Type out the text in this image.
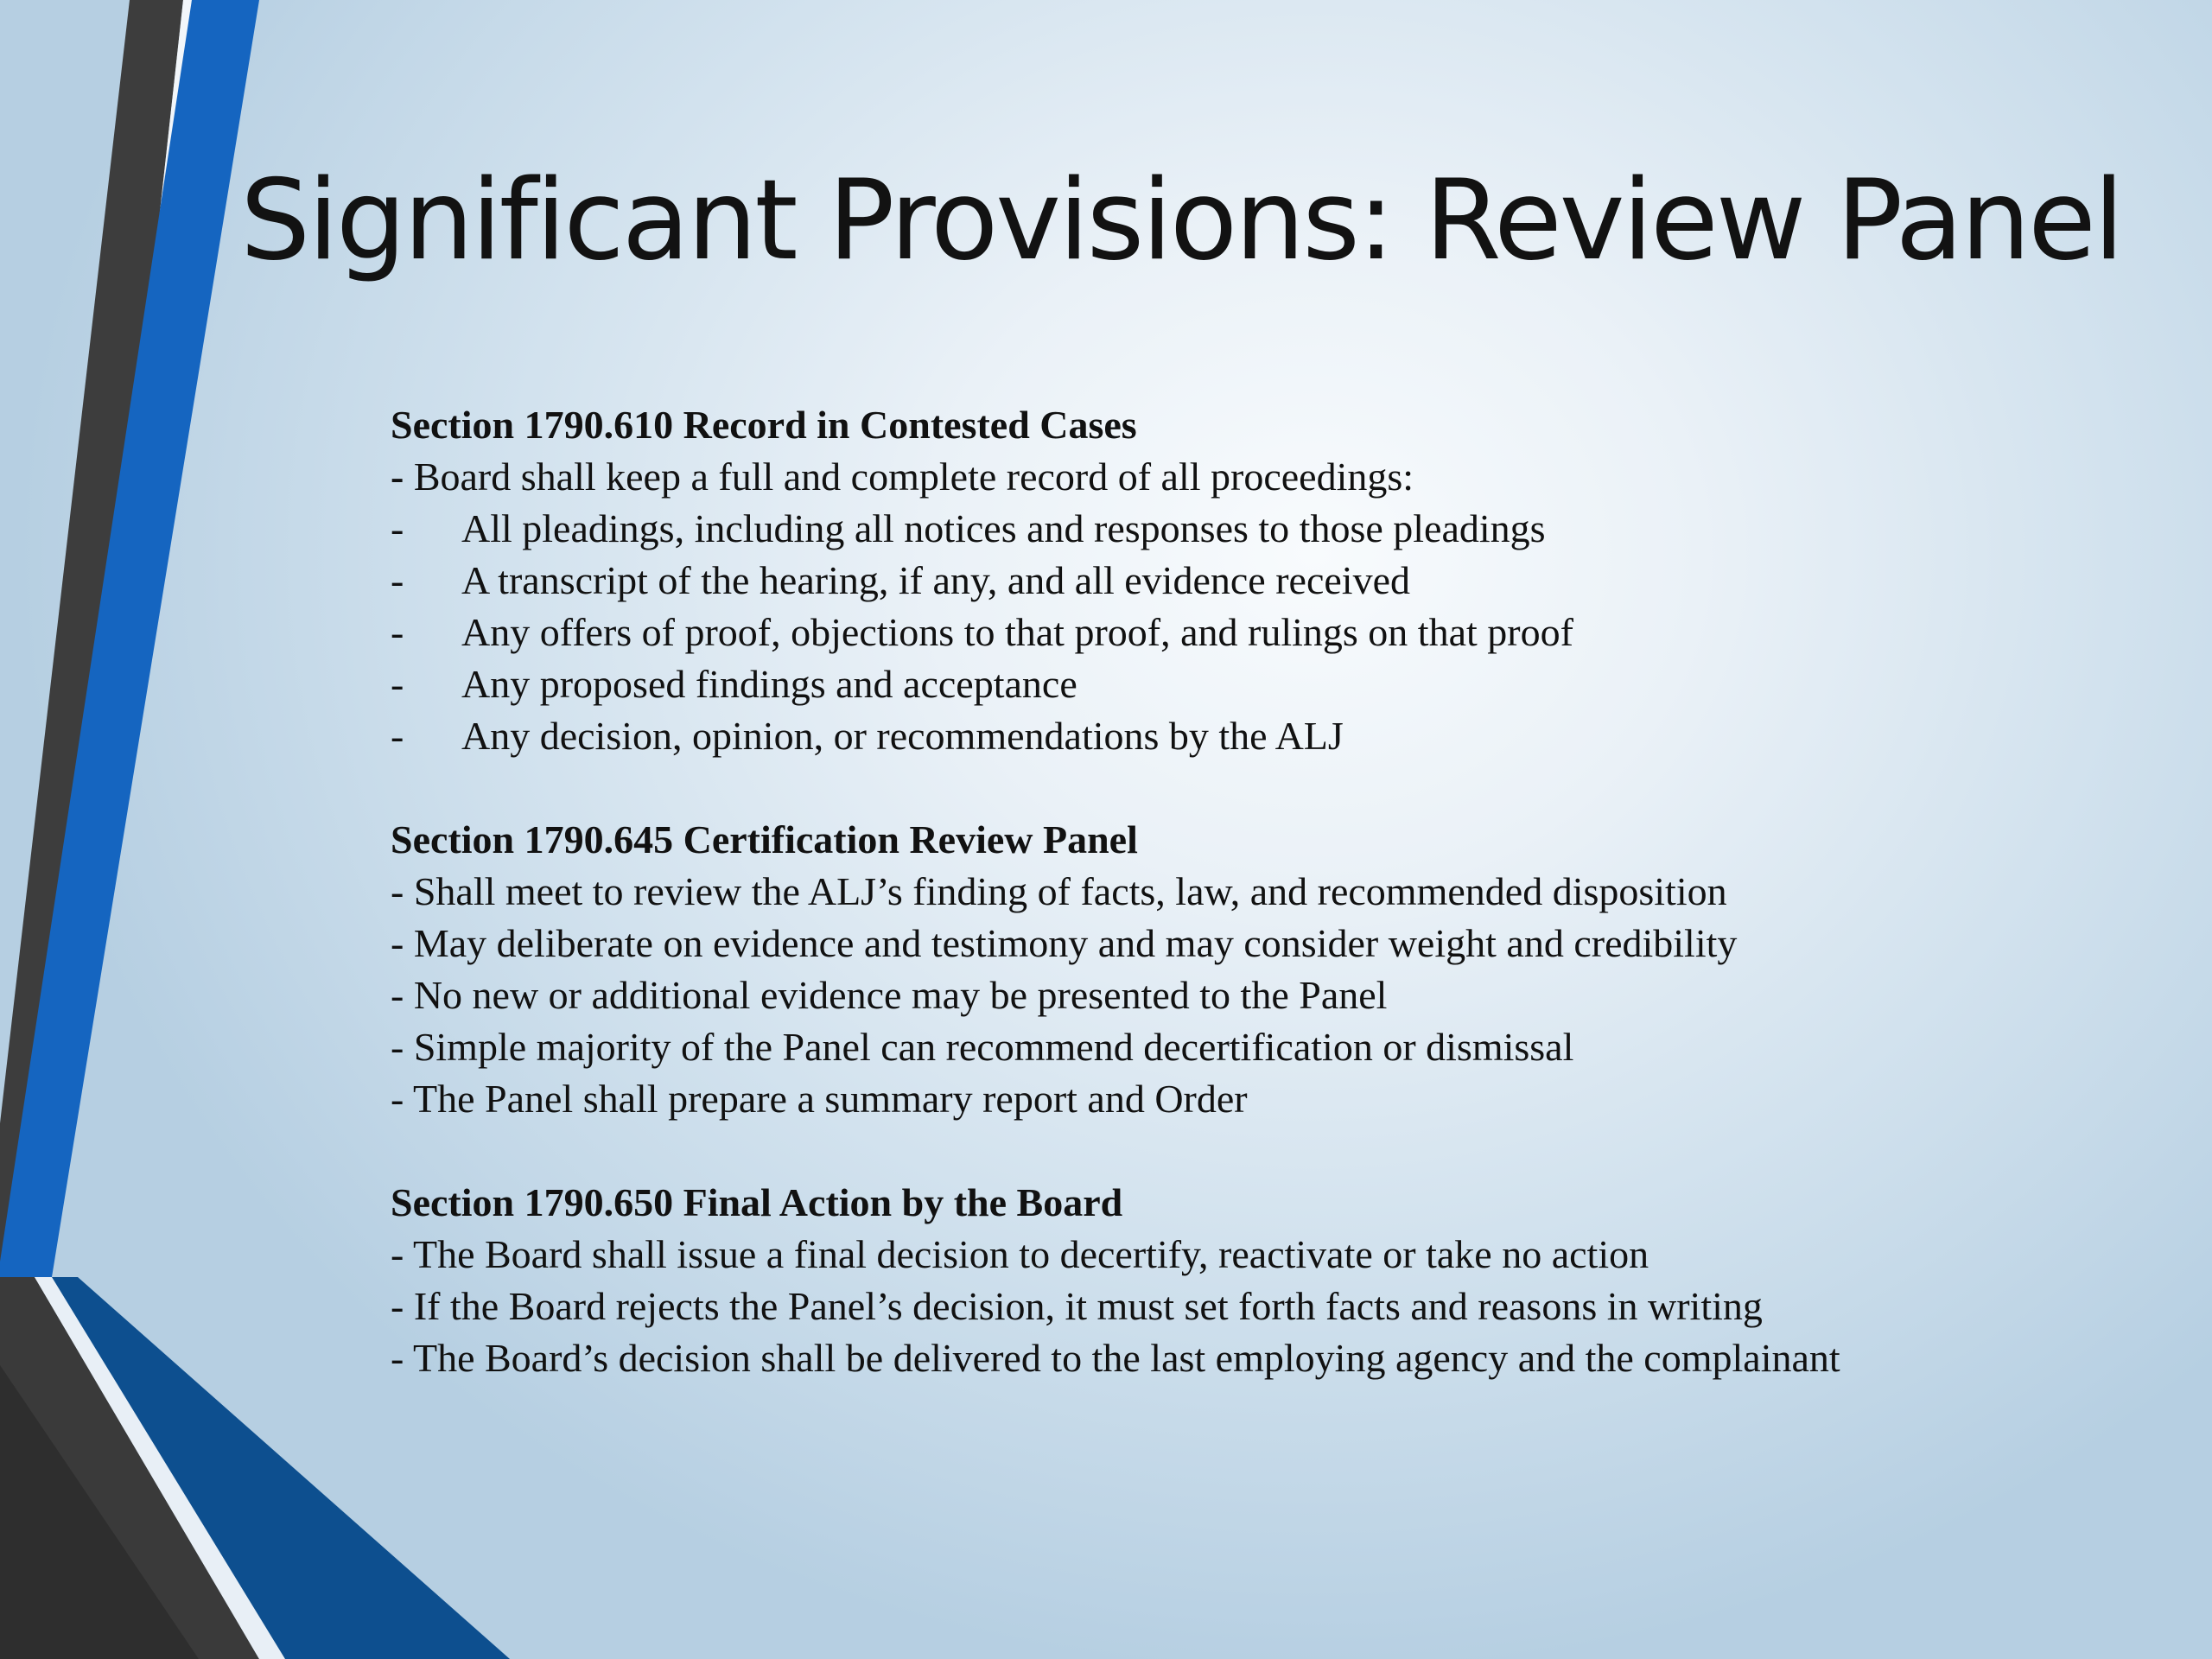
Significant Provisions: Review Panel
Section 1790.610 Record in Contested Cases
- Board shall keep a full and complete record of all proceedings:
-	All pleadings, including all notices and responses to those pleadings
-	A transcript of the hearing, if any, and all evidence received
-	Any offers of proof, objections to that proof, and rulings on that proof
-	Any proposed findings and acceptance
-	Any decision, opinion, or recommendations by the ALJ
Section 1790.645 Certification Review Panel
- Shall meet to review the ALJ’s finding of facts, law, and recommended disposition
- May deliberate on evidence and testimony and may consider weight and credibility
- No new or additional evidence may be presented to the Panel
- Simple majority of the Panel can recommend decertification or dismissal
- The Panel shall prepare a summary report and Order
Section 1790.650 Final Action by the Board
- The Board shall issue a final decision to decertify, reactivate or take no action
- If the Board rejects the Panel’s decision, it must set forth facts and reasons in writing
- The Board’s decision shall be delivered to the last employing agency and the complainant
